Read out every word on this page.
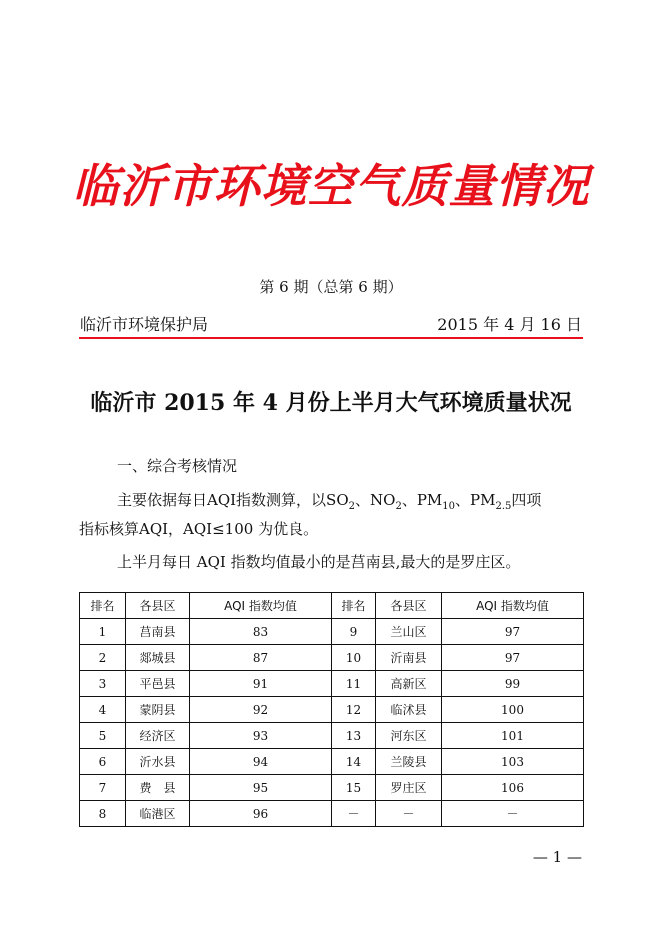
临沂市环境空气质量情况
第 6 期（总第 6 期）
临沂市环境保护局	2015 年 4 月 16 日
临沂市 2015 年 4 月份上半月大气环境质量状况
一、综合考核情况
主要依据每日AQI指数测算，以$SO_2$、$NO_2$、$PM_{10}$、$PM_{2.5}$四项
指标核算AQI，AQI≤100 为优良。
上半月每日 AQI 指数均值最小的是莒南县,最大的是罗庄区。
排名	各县区	AQI 指数均值	排名	各县区	AQI 指数均值
1	莒南县	83	9	兰山区	97
2	郯城县	87	10	沂南县	97
3	平邑县	91	11	高新区	99
4	蒙阴县	92	12	临沭县	100
5	经济区	93	13	河东区	101
6	沂水县	94	14	兰陵县	103
7	费　县	95	15	罗庄区	106
8	临港区	96	－	－	－
— 1 —
